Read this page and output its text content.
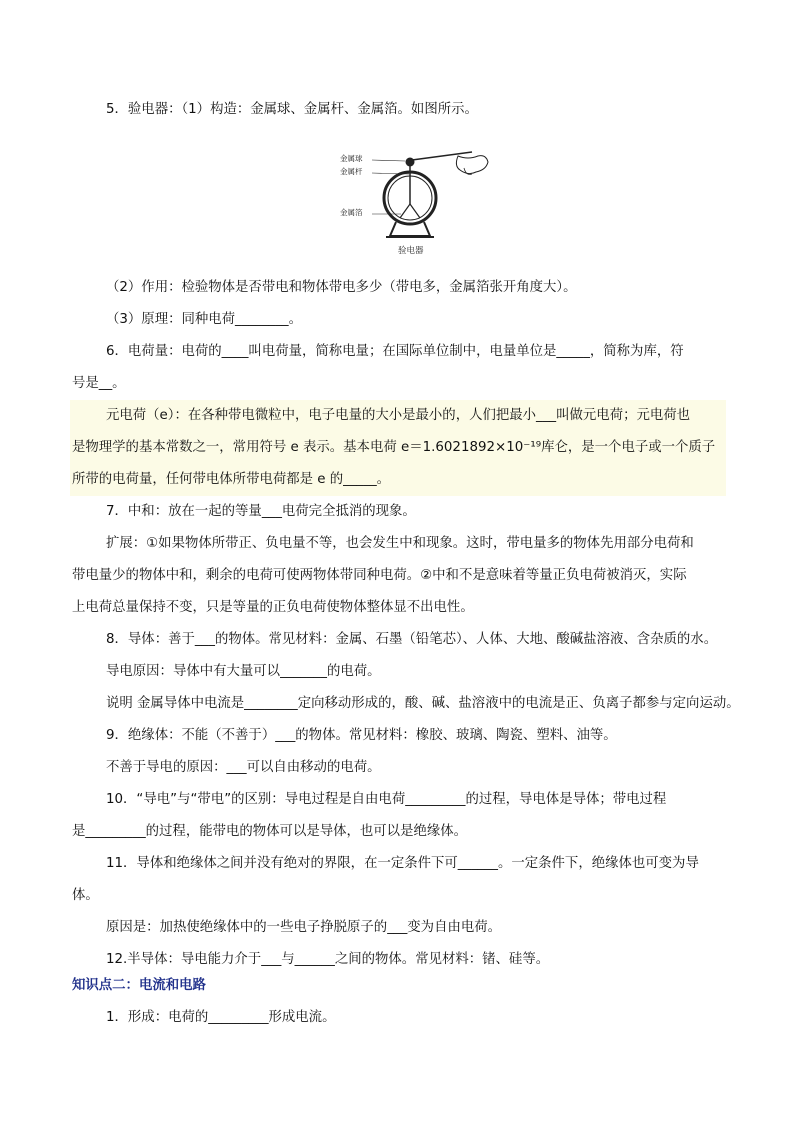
5．验电器：（1）构造：金属球、金属杆、金属箔。如图所示。
金属球
金属杆
金属箔
验电器
（2）作用：检验物体是否带电和物体带电多少（带电多，金属箔张开角度大）。
（3）原理：同种电荷________。
6．电荷量：电荷的____叫电荷量，简称电量；在国际单位制中，电量单位是_____，简称为库，符
号是__。
元电荷（e）：在各种带电微粒中，电子电量的大小是最小的，人们把最小___叫做元电荷；元电荷也
是物理学的基本常数之一，常用符号 e 表示。基本电荷 e＝1.6021892×10⁻¹⁹库仑，是一个电子或一个质子
所带的电荷量，任何带电体所带电荷都是 e 的_____。
7．中和：放在一起的等量___电荷完全抵消的现象。
扩展：①如果物体所带正、负电量不等，也会发生中和现象。这时，带电量多的物体先用部分电荷和
带电量少的物体中和，剩余的电荷可使两物体带同种电荷。②中和不是意味着等量正负电荷被消灭，实际
上电荷总量保持不变，只是等量的正负电荷使物体整体显不出电性。
8．导体：善于___的物体。常见材料：金属、石墨（铅笔芯）、人体、大地、酸碱盐溶液、含杂质的水。
导电原因：导体中有大量可以_______的电荷。
说明 金属导体中电流是________定向移动形成的，酸、碱、盐溶液中的电流是正、负离子都参与定向运动。
9．绝缘体：不能（不善于）___的物体。常见材料：橡胶、玻璃、陶瓷、塑料、油等。
不善于导电的原因：___可以自由移动的电荷。
10．“导电”与“带电”的区别：导电过程是自由电荷_________的过程，导电体是导体；带电过程
是_________的过程，能带电的物体可以是导体，也可以是绝缘体。
11．导体和绝缘体之间并没有绝对的界限，在一定条件下可______。一定条件下，绝缘体也可变为导
体。
原因是：加热使绝缘体中的一些电子挣脱原子的___变为自由电荷。
12.半导体：导电能力介于___与______之间的物体。常见材料：锗、硅等。
知识点二：电流和电路
1．形成：电荷的_________形成电流。
